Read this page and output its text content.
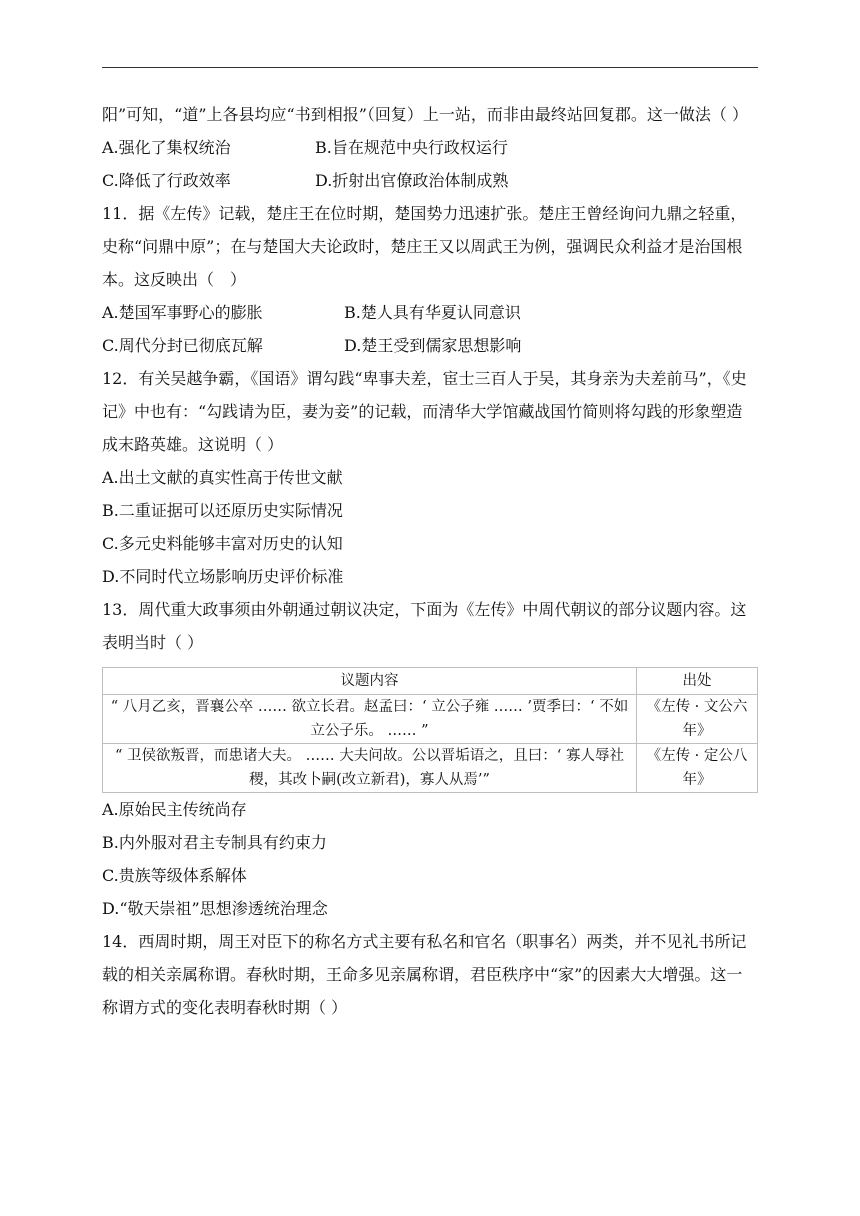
阳”可知，“道”上各县均应“书到相报”（回复）上一站，而非由最终站回复郡。这一做法（ ）

A.强化了集权统治	B.旨在规范中央行政权运行
C.降低了行政效率	D.折射出官僚政治体制成熟

11．据《左传》记载，楚庄王在位时期，楚国势力迅速扩张。楚庄王曾经询问九鼎之轻重，史称“问鼎中原”；在与楚国大夫论政时，楚庄王又以周武王为例，强调民众利益才是治国根本。这反映出（　）

A.楚国军事野心的膨胀	B.楚人具有华夏认同意识
C.周代分封已彻底瓦解	D.楚王受到儒家思想影响

12．有关吴越争霸，《国语》谓勾践“卑事夫差，宦士三百人于吴，其身亲为夫差前马”，《史记》中也有：“勾践请为臣，妻为妾”的记载，而清华大学馆藏战国竹简则将勾践的形象塑造成末路英雄。这说明（ ）

A.出土文献的真实性高于传世文献

B.二重证据可以还原历史实际情况

C.多元史料能够丰富对历史的认知

D.不同时代立场影响历史评价标准

13．周代重大政事须由外朝通过朝议决定，下面为《左传》中周代朝议的部分议题内容。这表明当时（ ）

议题内容	出处
“ 八月乙亥，晋襄公卒 …… 欲立长君。赵孟曰：‘ 立公子雍 …… ’贾季曰：‘ 不如立公子乐。 …… ”	《左传 · 文公六年》
“ 卫侯欲叛晋，而患诸大夫。 …… 大夫问故。公以晋垢语之，且曰：‘ 寡人辱社稷，其改卜嗣(改立新君)，寡人从焉’”	《左传 · 定公八年》

A.原始民主传统尚存

B.内外服对君主专制具有约束力

C.贵族等级体系解体

D.“敬天崇祖”思想渗透统治理念

14．西周时期，周王对臣下的称名方式主要有私名和官名（职事名）两类，并不见礼书所记载的相关亲属称谓。春秋时期，王命多见亲属称谓，君臣秩序中“家”的因素大大增强。这一称谓方式的变化表明春秋时期（ ）
